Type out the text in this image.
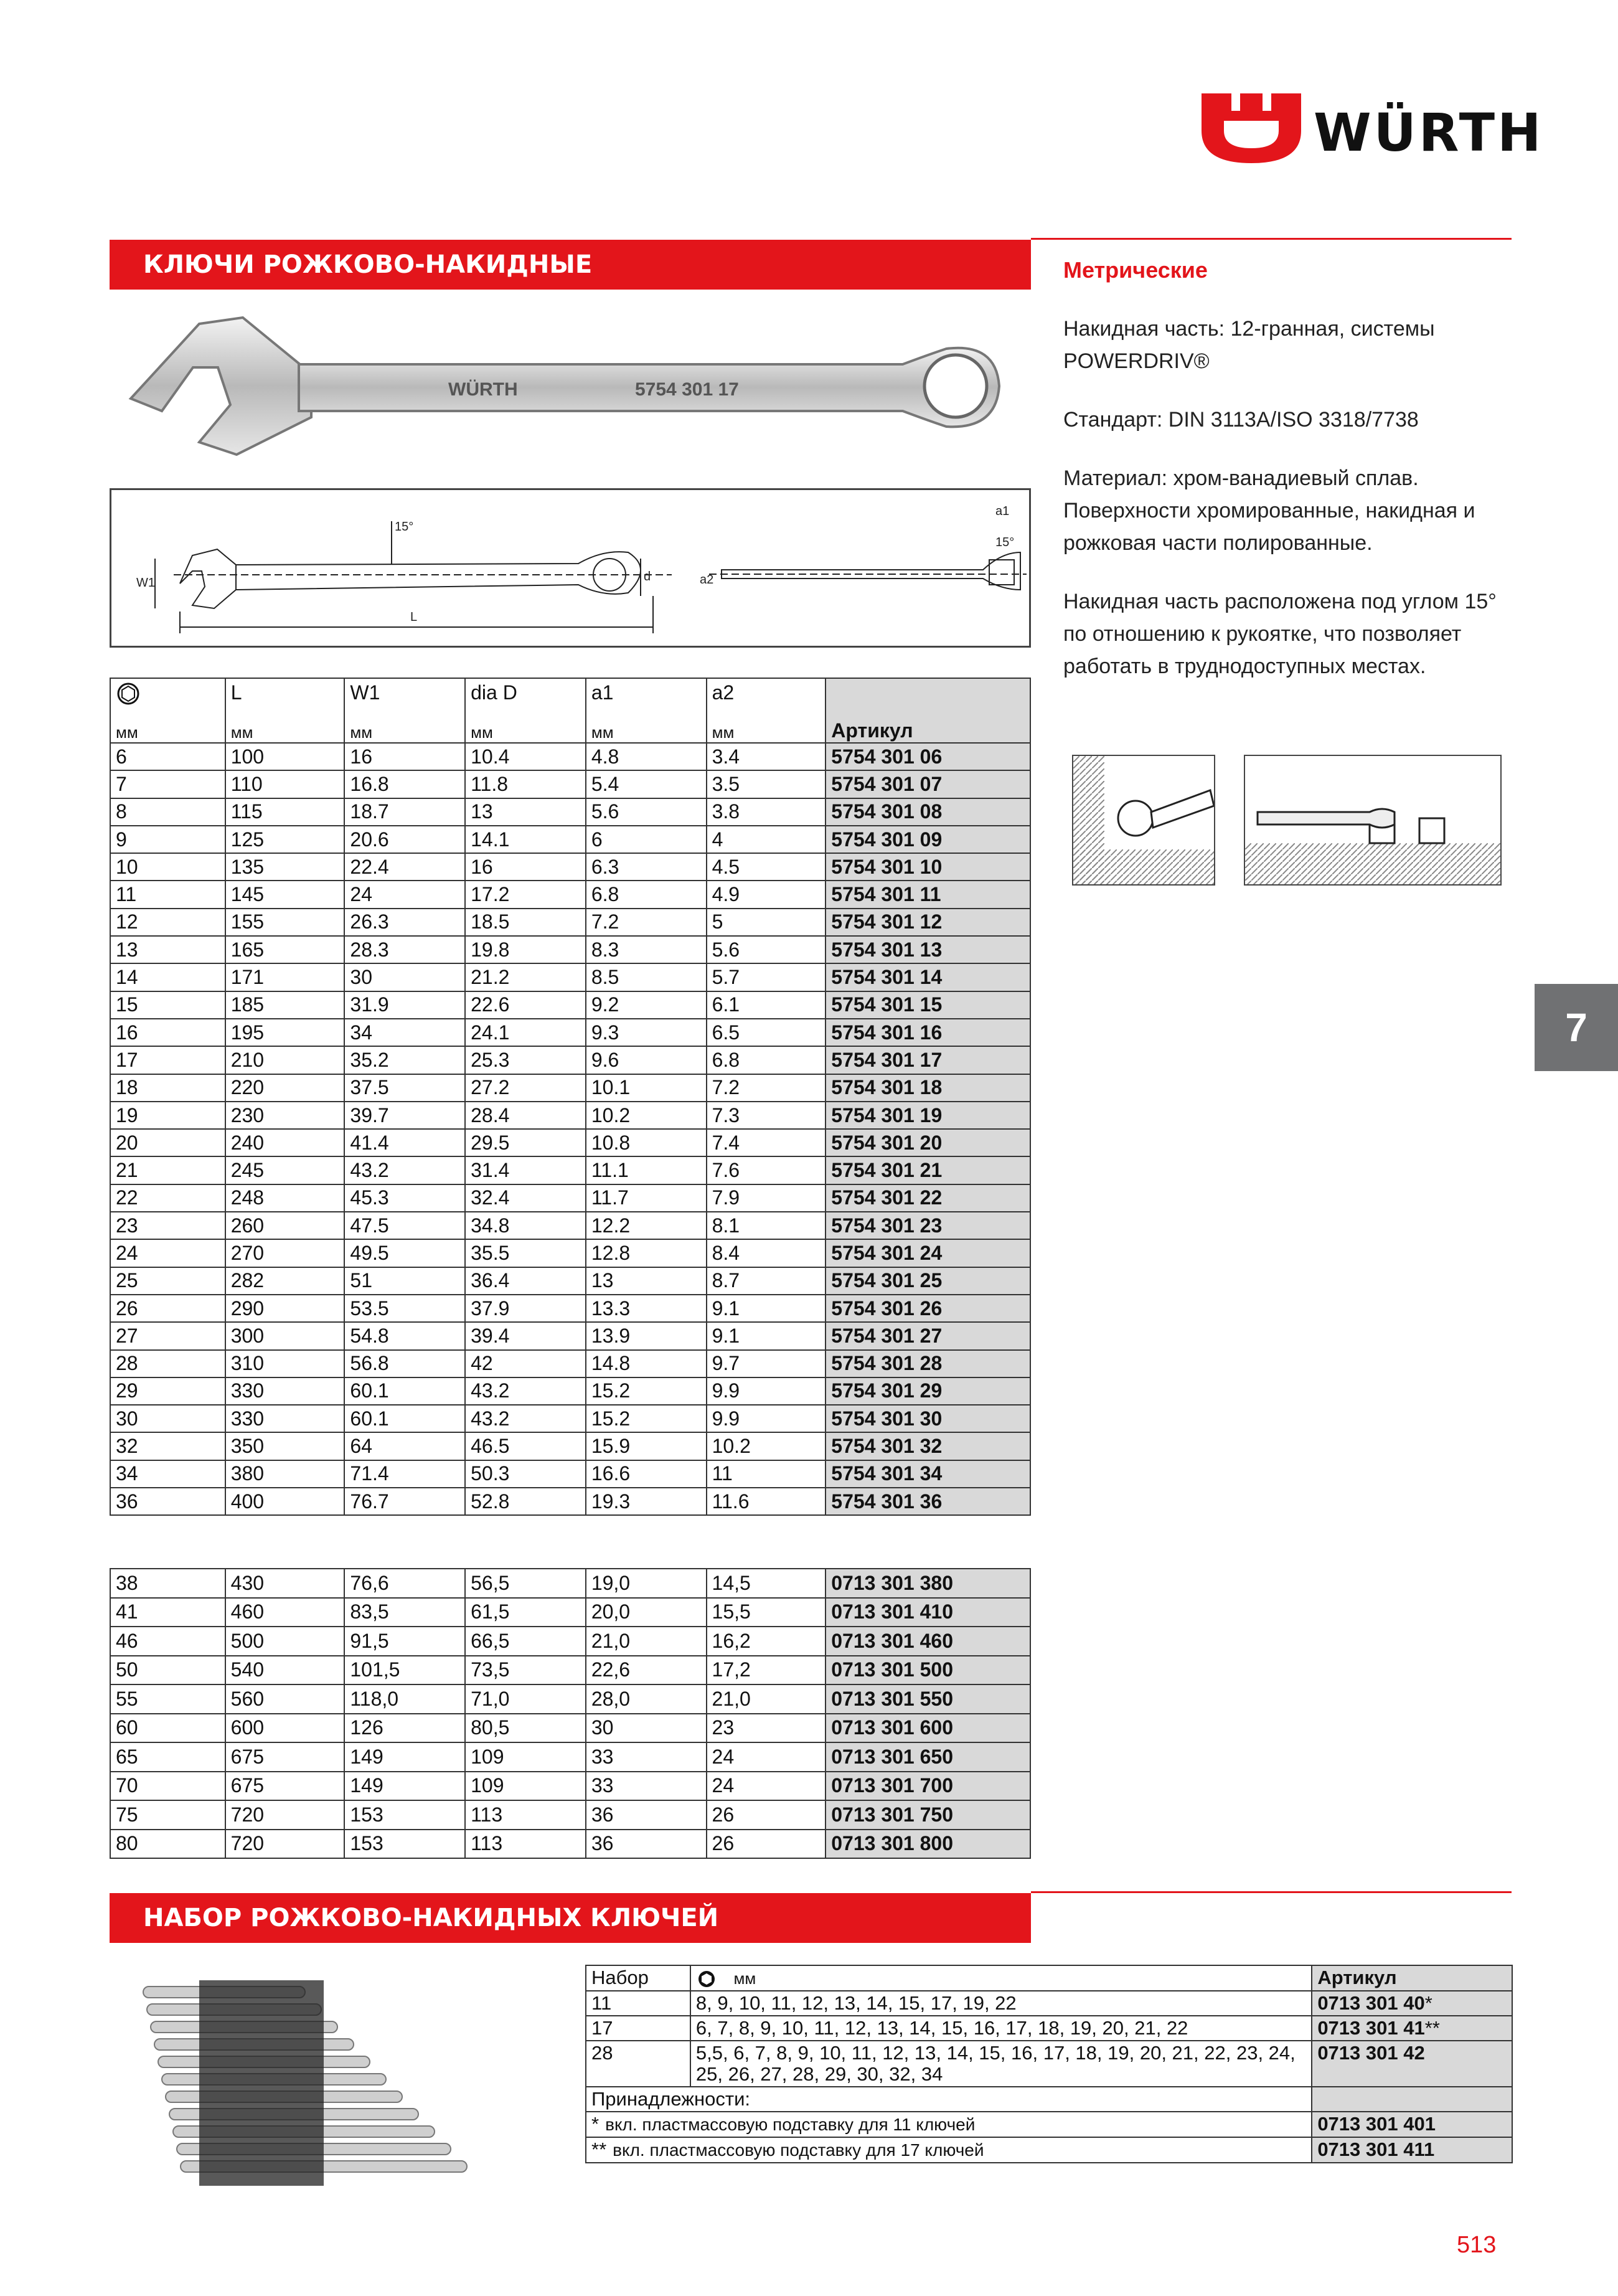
WÜRTH
КЛЮЧИ РОЖКОВО-НАКИДНЫЕ
WÜRTH	5754 301 17
15°
W1
L
d
a1
a2
15°
Метрические

Накидная часть: 12-гранная, системы POWERDRIV®

Стандарт: DIN 3113A/ISO 3318/7738

Материал: хром-ванадиевый сплав. Поверхности хромированные, накидная и рожковая части полированные.

Накидная часть расположена под углом 15° по отношению к рукоятке, что позволяет работать в труднодоступных местах.

7
	L	W1	dia D	a1	a2	Артикул
мм	мм	мм	мм	мм	мм	
6	100	16	10.4	4.8	3.4	5754 301 06
7	110	16.8	11.8	5.4	3.5	5754 301 07
8	115	18.7	13	5.6	3.8	5754 301 08
9	125	20.6	14.1	6	4	5754 301 09
10	135	22.4	16	6.3	4.5	5754 301 10
11	145	24	17.2	6.8	4.9	5754 301 11
12	155	26.3	18.5	7.2	5	5754 301 12
13	165	28.3	19.8	8.3	5.6	5754 301 13
14	171	30	21.2	8.5	5.7	5754 301 14
15	185	31.9	22.6	9.2	6.1	5754 301 15
16	195	34	24.1	9.3	6.5	5754 301 16
17	210	35.2	25.3	9.6	6.8	5754 301 17
18	220	37.5	27.2	10.1	7.2	5754 301 18
19	230	39.7	28.4	10.2	7.3	5754 301 19
20	240	41.4	29.5	10.8	7.4	5754 301 20
21	245	43.2	31.4	11.1	7.6	5754 301 21
22	248	45.3	32.4	11.7	7.9	5754 301 22
23	260	47.5	34.8	12.2	8.1	5754 301 23
24	270	49.5	35.5	12.8	8.4	5754 301 24
25	282	51	36.4	13	8.7	5754 301 25
26	290	53.5	37.9	13.3	9.1	5754 301 26
27	300	54.8	39.4	13.9	9.1	5754 301 27
28	310	56.8	42	14.8	9.7	5754 301 28
29	330	60.1	43.2	15.2	9.9	5754 301 29
30	330	60.1	43.2	15.2	9.9	5754 301 30
32	350	64	46.5	15.9	10.2	5754 301 32
34	380	71.4	50.3	16.6	11	5754 301 34
36	400	76.7	52.8	19.3	11.6	5754 301 36
38	430	76,6	56,5	19,0	14,5	0713 301 380
41	460	83,5	61,5	20,0	15,5	0713 301 410
46	500	91,5	66,5	21,0	16,2	0713 301 460
50	540	101,5	73,5	22,6	17,2	0713 301 500
55	560	118,0	71,0	28,0	21,0	0713 301 550
60	600	126	80,5	30	23	0713 301 600
65	675	149	109	33	24	0713 301 650
70	675	149	109	33	24	0713 301 700
75	720	153	113	36	26	0713 301 750
80	720	153	113	36	26	0713 301 800
НАБОР РОЖКОВО-НАКИДНЫХ КЛЮЧЕЙ
Набор	мм	Артикул
11	8, 9, 10, 11, 12, 13, 14, 15, 17, 19, 22	0713 301 40*
17	6, 7, 8, 9, 10, 11, 12, 13, 14, 15, 16, 17, 18, 19, 20, 21, 22	0713 301 41**
28	5,5, 6, 7, 8, 9, 10, 11, 12, 13, 14, 15, 16, 17, 18, 19, 20, 21, 22, 23, 24, 25, 26, 27, 28, 29, 30, 32, 34	0713 301 42
Принадлежности:		
* вкл. пластмассовую подставку для 11 ключей		0713 301 401
** вкл. пластмассовую подставку для 17 ключей		0713 301 411
513
